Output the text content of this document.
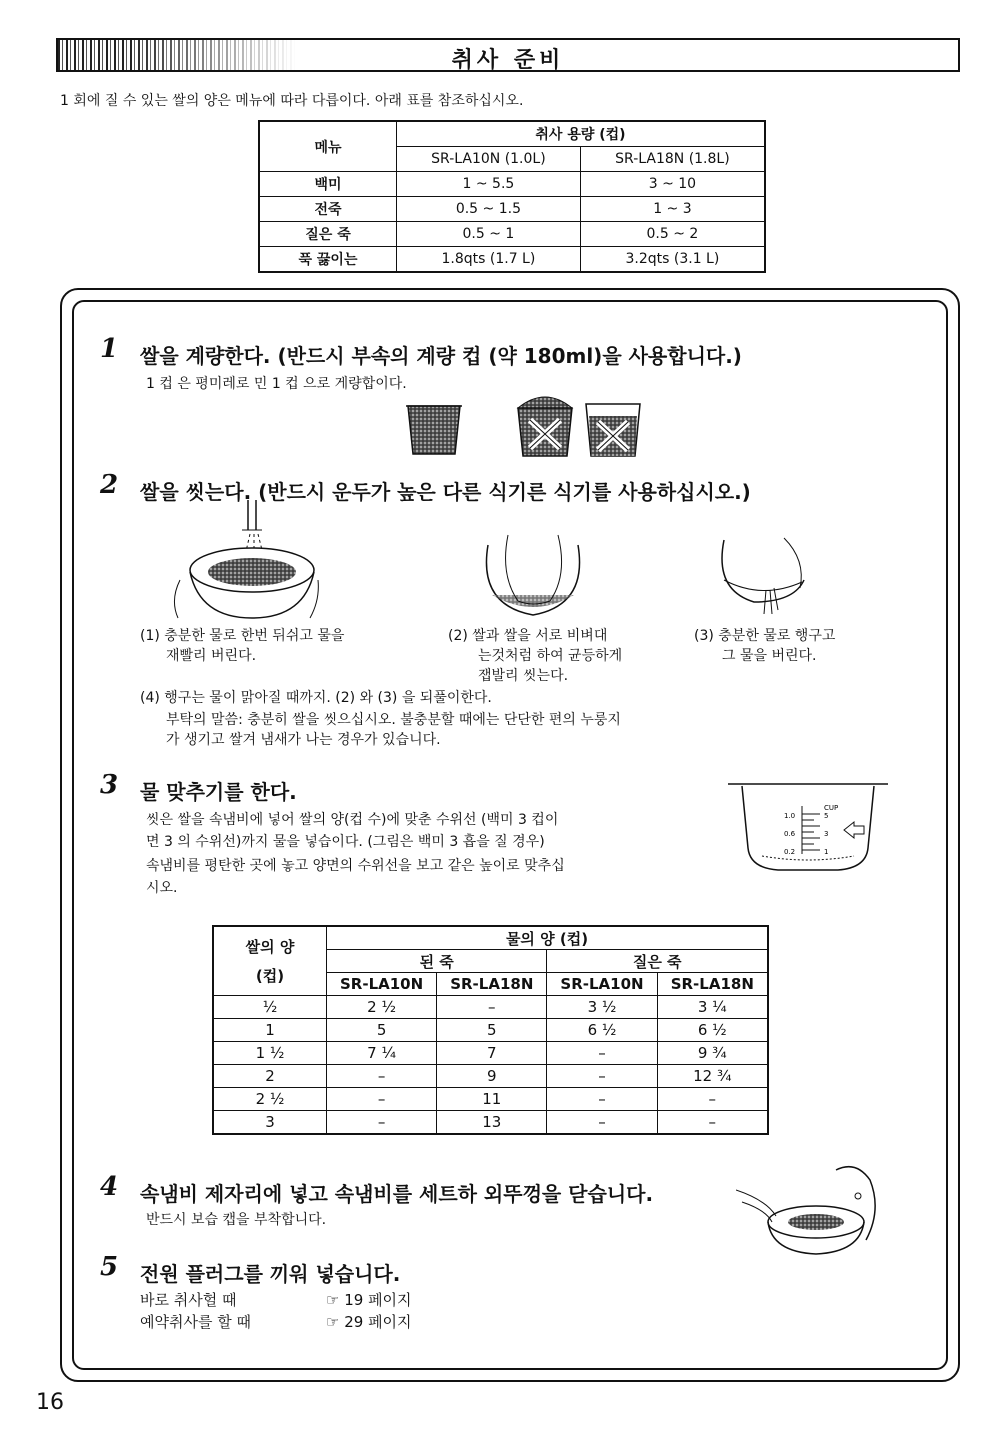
취사 준비
1 회에 질 수 있는 쌀의 양은 메뉴에 따라 다릅이다. 아래 표를 참조하십시오.
메뉴	취사 용량 (컵)	
	SR-LA10N (1.0L)	SR-LA18N (1.8L)
백미	1 ~ 5.5	3 ~ 10
전죽	0.5 ~ 1.5	1 ~ 3
질은 죽	0.5 ~ 1	0.5 ~ 2
푹 끓이는	1.8qts (1.7 L)	3.2qts (3.1 L)
1 쌀을 계량한다. (반드시 부속의 계량 컵 (약 180ml)을 사용합니다.)
1 컵 은 평미레로 민 1 컵 으로 게량합이다.
2 쌀을 씻는다. (반드시 운두가 높은 다른 식기른 식기를 사용하십시오.)
(1) 충분한 물로 한번 뒤쉬고 물을
재빨리 버린다.
(2) 쌀과 쌀을 서로 비벼대
는것처럼 하여 균등하게
잽발리 씻는다.
(3) 충분한 물로 행구고
그 물을 버린다.
(4) 행구는 물이 맑아질 때까지. (2) 와 (3) 을 되풀이한다.
부탁의 말씀: 충분히 쌀을 씻으십시오. 불충분할 때에는 단단한 편의 누룽지
가 생기고 쌀겨 냄새가 나는 경우가 있습니다.
3 물 맞추기를 한다.
씻은 쌀을 속냄비에 넣어 쌀의 양(컵 수)에 맞춘 수위선 (백미 3 컵이
면 3 의 수위선)까지 물을 넣습이다. (그림은 백미 3 흡을 질 경우)
속냄비를 평탄한 곳에 놓고 양면의 수위선을 보고 같은 높이로 맞추십
시오.
CUP
1.0
0.6
0.2
5
3
1
쌀의 양
(컵)	물의 양 (컵)			
	된 죽		질은 죽	
	SR-LA10N	SR-LA18N	SR-LA10N	SR-LA18N
½	2 ½	–	3 ½	3 ¼
1	5	5	6 ½	6 ½
1 ½	7 ¼	7	–	9 ¾
2	–	9	–	12 ¾
2 ½	–	11	–	–
3	–	13	–	–
4 속냄비 제자리에 넣고 속냄비를 세트하 외뚜껑을 닫습니다.
반드시 보습 캡을 부착합니다.
5 전원 플러그를 끼워 넣습니다.
바로 취사헐 때	☞ 19 페이지
예약취사를 할 때	☞ 29 페이지
16
